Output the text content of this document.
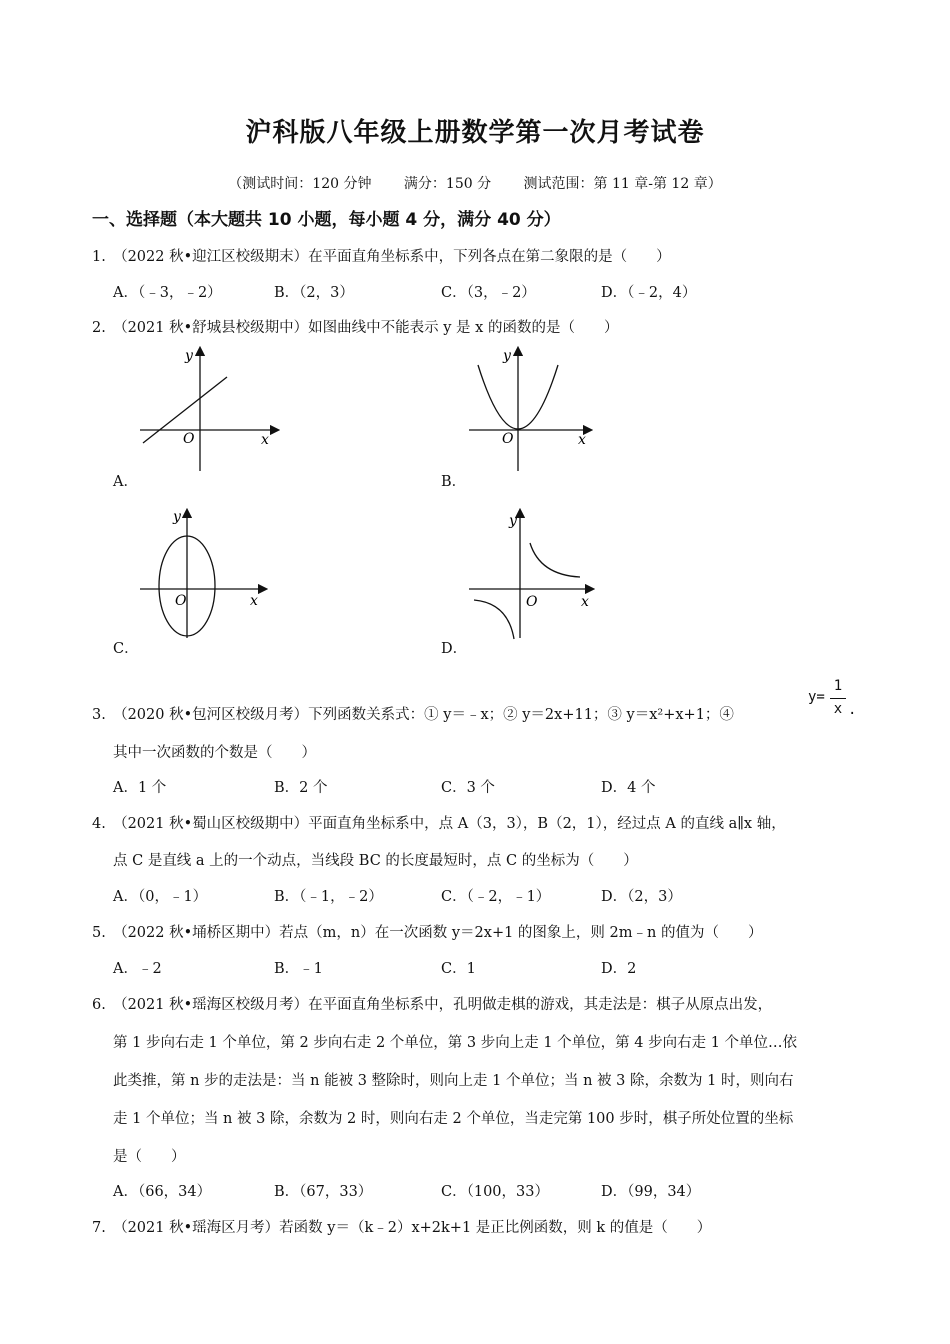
沪科版八年级上册数学第一次月考试卷
（测试时间：120 分钟 满分：150 分 测试范围：第 11 章-第 12 章）
一、选择题（本大题共 10 小题，每小题 4 分，满分 40 分）
1.　（2022 秋•迎江区校级期末）在平面直角坐标系中，下列各点在第二象限的是（　　）
A．（﹣3，﹣2）	B．（2，3）	C．（3，﹣2）	D．（﹣2，4）
2.　（2021 秋•舒城县校级期中）如图曲线中不能表示 y 是 x 的函数的是（　　）
O	x
y
A．
O	x
y
B．
O	x
y
C．
O	x
y
D．
3.　（2020 秋•包河区校级月考）下列函数关系式：① y＝﹣x；② y＝2x+11；③ y＝x²+x+1；④
y=
1
x .
其中一次函数的个数是（　　）
A．1 个	B．2 个	C．3 个	D．4 个
4.　（2021 秋•蜀山区校级期中）平面直角坐标系中，点 A（3，3），B（2，1），经过点 A 的直线 a∥x 轴，
点 C 是直线 a 上的一个动点，当线段 BC 的长度最短时，点 C 的坐标为（　　）
A．（0，﹣1）	B．（﹣1，﹣2）	C．（﹣2，﹣1）	D．（2，3）
5.　（2022 秋•埇桥区期中）若点（m，n）在一次函数 y＝2x+1 的图象上，则 2m﹣n 的值为（　　）
A．﹣2	B．﹣1	C．1	D．2
6.　（2021 秋•瑶海区校级月考）在平面直角坐标系中，孔明做走棋的游戏，其走法是：棋子从原点出发，
第 1 步向右走 1 个单位，第 2 步向右走 2 个单位，第 3 步向上走 1 个单位，第 4 步向右走 1 个单位…依
此类推，第 n 步的走法是：当 n 能被 3 整除时，则向上走 1 个单位；当 n 被 3 除，余数为 1 时，则向右
走 1 个单位；当 n 被 3 除，余数为 2 时，则向右走 2 个单位，当走完第 100 步时，棋子所处位置的坐标
是（　　）
A．（66，34）	B．（67，33）	C．（100，33）	D．（99，34）
7.　（2021 秋•瑶海区月考）若函数 y＝（k﹣2）x+2k+1 是正比例函数，则 k 的值是（　　）
